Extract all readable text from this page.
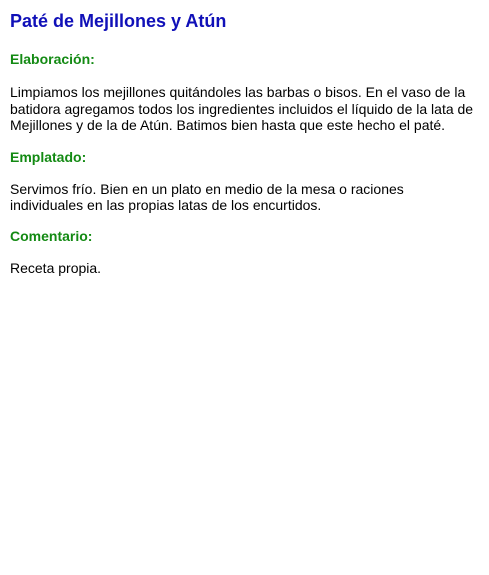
Paté de Mejillones y Atún
Elaboración:

Limpiamos los mejillones quitándoles las barbas o bisos. En el vaso de la batidora agregamos todos los ingredientes incluidos el líquido de la lata de Mejillones y de la de Atún. Batimos bien hasta que este hecho el paté.

Emplatado:

Servimos frío. Bien en un plato en medio de la mesa o raciones individuales en las propias latas de los encurtidos.

Comentario:

Receta propia.
